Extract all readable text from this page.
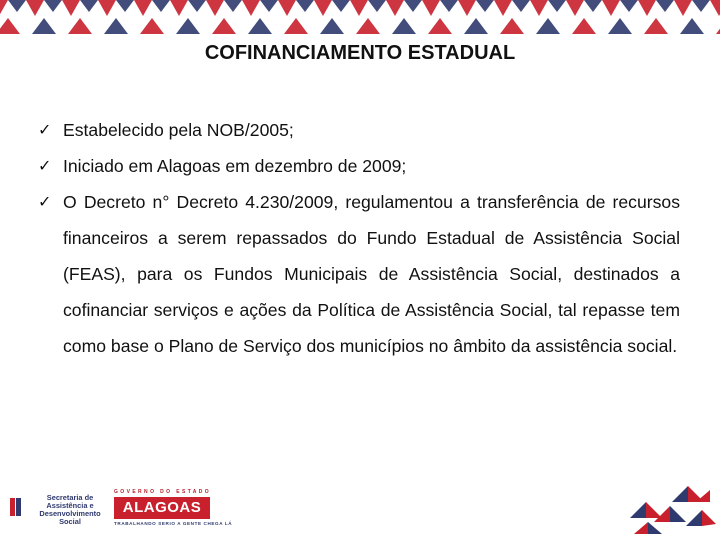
COFINANCIAMENTO ESTADUAL
✓ Estabelecido pela NOB/2005;
✓ Iniciado em Alagoas em dezembro de 2009;
✓ O Decreto n° Decreto 4.230/2009, regulamentou a transferência de recursos financeiros a serem repassados do Fundo Estadual de Assistência Social (FEAS), para os Fundos Municipais de Assistência Social, destinados a cofinanciar serviços e ações da Política de Assistência Social, tal repasse tem como base o Plano de Serviço dos municípios no âmbito da assistência social.
Secretaria de
Assistência e
Desenvolvimento Social
GOVERNO DO ESTADO
ALAGOAS
TRABALHANDO SERIO A GENTE CHEGA LÁ
